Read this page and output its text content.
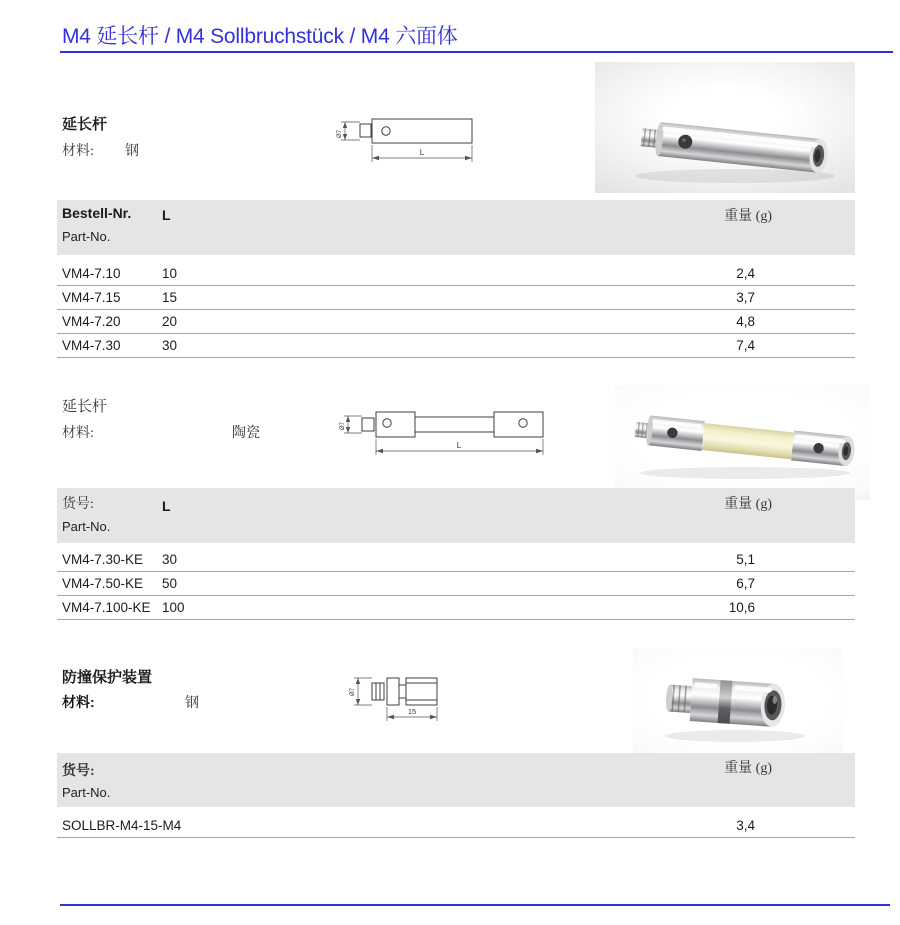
M4 延长杆 / M4 Sollbruchstück / M4 六面体
延长杆
材料: 钢
Ø7
L
Bestell-Nr.
Part-No.
L	重量 (g)
VM4-7.10	10	2,4
VM4-7.15	15	3,7
VM4-7.20	20	4,8
VM4-7.30	30	7,4
延长杆
材料:	陶瓷	Ø7
L
货号:
Part-No.
L	重量 (g)
VM4-7.30-KE 30	5,1
VM4-7.50-KE 50	6,7
VM4-7.100-KE 100	10,6
防撞保护装置
材料:	钢
Ø7
15
货号:
Part-No.
重量 (g)
SOLLBR-M4-15-M4	3,4
